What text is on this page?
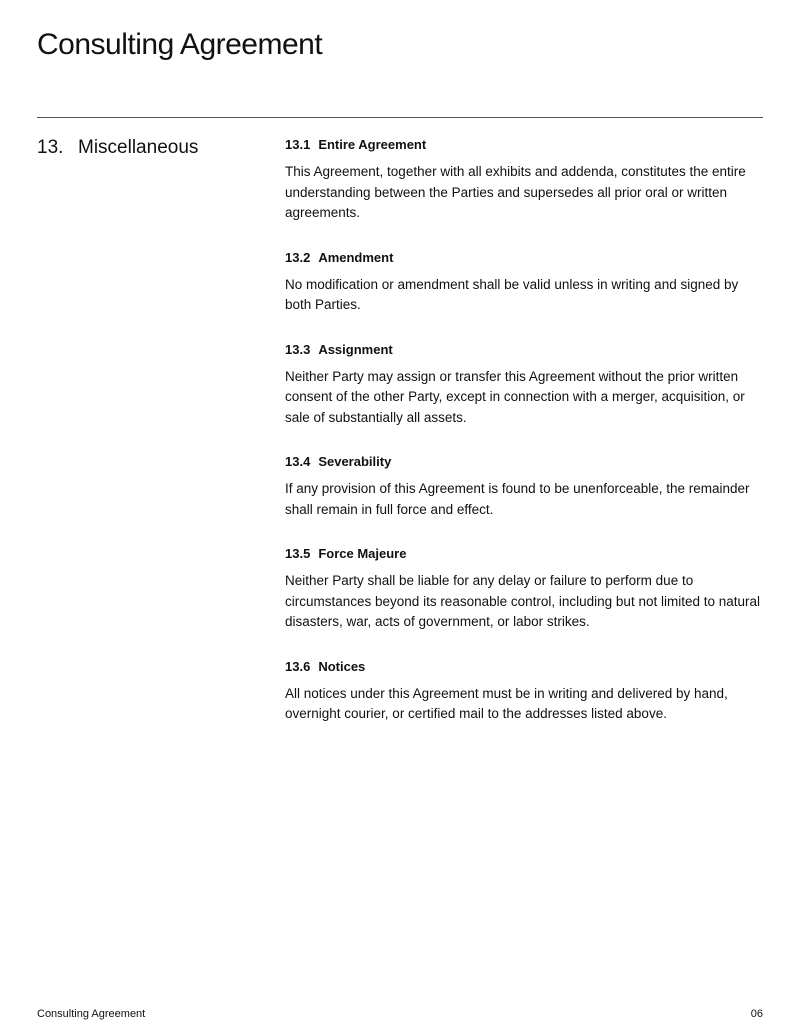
Consulting Agreement
13. Miscellaneous	13.1 Entire Agreement
This Agreement, together with all exhibits and addenda, constitutes the entire understanding between the Parties and supersedes all prior oral or written agreements.
13.2 Amendment
No modification or amendment shall be valid unless in writing and signed by both Parties.
13.3 Assignment
Neither Party may assign or transfer this Agreement without the prior written consent of the other Party, except in connection with a merger, acquisition, or sale of substantially all assets.
13.4 Severability
If any provision of this Agreement is found to be unenforceable, the remainder shall remain in full force and effect.
13.5 Force Majeure
Neither Party shall be liable for any delay or failure to perform due to circumstances beyond its reasonable control, including but not limited to natural disasters, war, acts of government, or labor strikes.
13.6 Notices
All notices under this Agreement must be in writing and delivered by hand, overnight courier, or certified mail to the addresses listed above.
Consulting Agreement	06
